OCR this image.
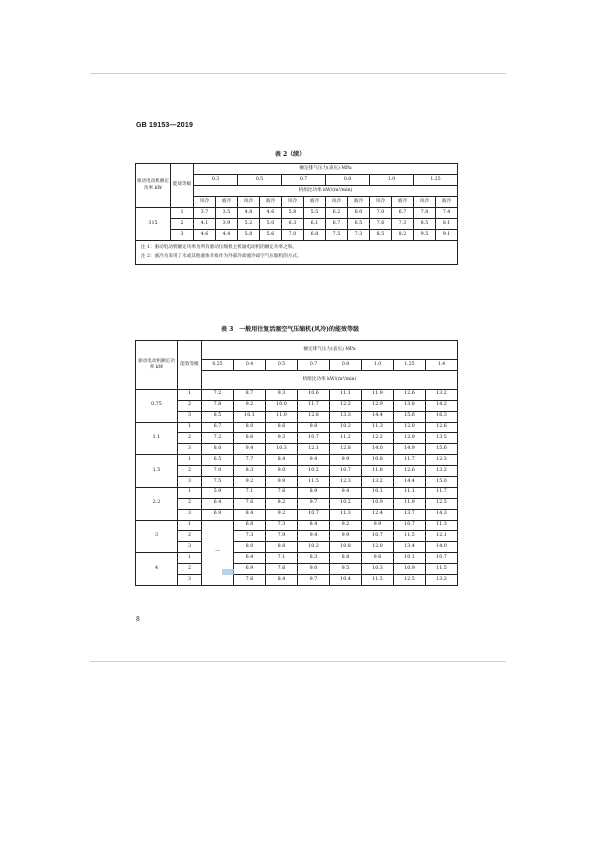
GB 19153—2019
表 2（续）
驱动电动机额定功率 kW	能效等级	额定排气压力(表压) MPa											
		0.3		0.5		0.7		0.8		1.0		1.25	
		机组比功率 kW/(m³/min)											
		风冷	液冷	风冷	液冷	风冷	液冷	风冷	液冷	风冷	液冷	风冷	液冷
315	1	3.7	3.5	4.8	4.6	5.8	5.5	6.2	6.0	7.0	6.7	7.8	7.4
	2	4.1	3.9	5.2	5.0	6.3	6.1	6.7	6.5	7.6	7.3	8.5	8.1
	3	4.6	4.4	5.8	5.6	7.0	6.8	7.5	7.3	8.5	8.2	9.5	9.1

注 1：驱动电动机额定功率为所有驱动压缩机主机轴电动机的额定功率之和。
注 2：液冷为采用了水或其他液体介质作为外部冷却液冷却空气压缩机的方式。													
表 3　一般用往复活塞空气压缩机(风冷)的能效等级
驱动电动机额定功率 kW	能效等级	额定排气压力(表压) MPa							
		0.25	0.4	0.5	0.7	0.8	1.0	1.25	1.4
		机组比功率 kW/(m³/min)							
0.75	1	7.2	8.7	9.3	10.6	11.1	11.9	12.6	13.2
	2	7.8	9.2	10.0	11.7	12.2	12.9	13.8	14.2
	3	8.5	10.1	11.0	12.8	13.3	14.4	15.6	16.3
1.1	1	6.7	8.0	8.6	9.8	10.2	11.3	12.0	12.6
	2	7.2	8.6	9.3	10.7	11.2	12.2	12.9	13.5
	3	8.0	9.4	10.3	12.1	12.8	14.0	14.9	15.6
1.5	1	6.5	7.7	8.4	9.4	9.9	10.8	11.7	12.3
	2	7.0	8.3	9.0	10.2	10.7	11.8	12.6	13.2
	3	7.5	9.2	9.9	11.5	12.3	13.2	14.4	15.0
2.2	1	5.9	7.1	7.6	8.9	9.4	10.1	11.1	11.7
	2	6.4	7.6	8.2	9.7	10.2	10.9	11.9	12.5
	3	6.9	8.4	9.2	10.7	11.3	12.4	13.7	14.3
3	1	—	6.8	7.3	8.4	9.2	9.9	10.7	11.3
	2		7.3	7.9	9.4	9.9	10.7	11.5	12.1
	3		8.0	8.8	10.2	10.8	12.0	13.4	14.0
4	1		6.4	7.1	8.3	8.8	9.6	10.1	10.7
	2		6.9	7.6	9.0	9.5	10.3	10.9	11.5
	3		7.6	8.4	9.7	10.4	11.5	12.5	13.2
8
